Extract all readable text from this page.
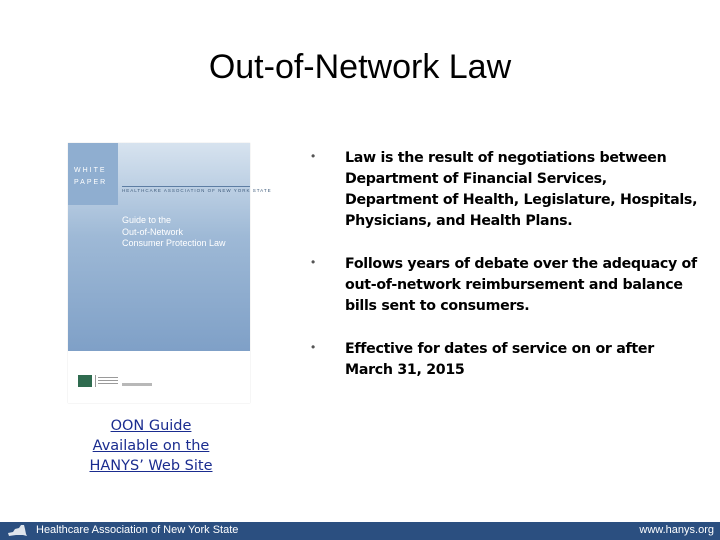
Out-of-Network Law
WHITE
PAPER
HEALTHCARE ASSOCIATION OF NEW YORK STATE
Guide to the
Out-of-Network
Consumer Protection Law
OON Guide
Available on the
HANYS’ Web Site
• Law is the result of negotiations between Department of Financial Services, Department of Health, Legislature, Hospitals, Physicians, and Health Plans.
• Follows years of debate over the adequacy of out-of-network reimbursement and balance bills sent to consumers.
• Effective for dates of service on or after March 31, 2015
Healthcare Association of New York State	www.hanys.org
